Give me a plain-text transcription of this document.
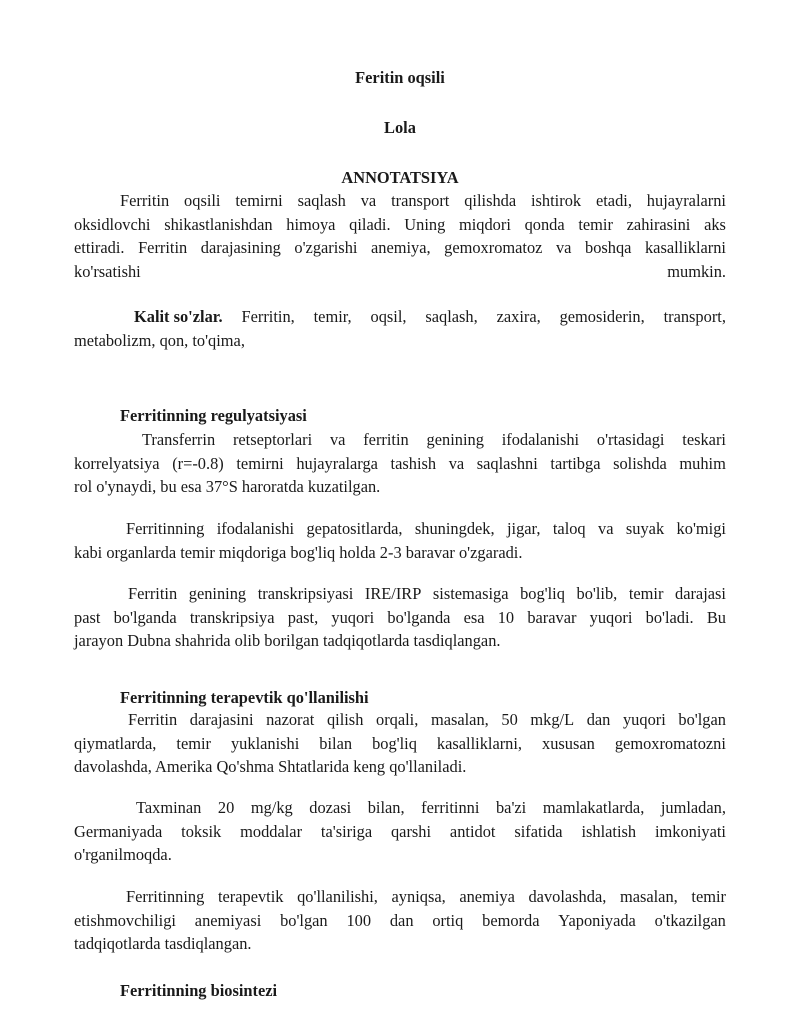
Feritin oqsili
Lola
ANNOTATSIYA
Ferritin oqsili temirni saqlash va transport qilishda ishtirok etadi, hujayralarni
oksidlovchi shikastlanishdan himoya qiladi. Uning miqdori qonda temir zahirasini aks
ettiradi. Ferritin darajasining o'zgarishi anemiya, gemoxromatoz va boshqa kasalliklarni
ko'rsatishi	mumkin.
Kalit so'zlar. Ferritin, temir, oqsil, saqlash, zaxira, gemosiderin, transport,
metabolizm, qon, to'qima,
Ferritinning regulyatsiyasi
Transferrin retseptorlari va ferritin genining ifodalanishi o'rtasidagi teskari
korrelyatsiya (r=-0.8) temirni hujayralarga tashish va saqlashni tartibga solishda muhim
rol o'ynaydi, bu esa 37°S haroratda kuzatilgan.
Ferritinning ifodalanishi gepatositlarda, shuningdek, jigar, taloq va suyak ko'migi
kabi organlarda temir miqdoriga bog'liq holda 2-3 baravar o'zgaradi.
Ferritin genining transkripsiyasi IRE/IRP sistemasiga bog'liq bo'lib, temir darajasi
past bo'lganda transkripsiya past, yuqori bo'lganda esa 10 baravar yuqori bo'ladi. Bu
jarayon Dubna shahrida olib borilgan tadqiqotlarda tasdiqlangan.
Ferritinning terapevtik qo'llanilishi
Ferritin darajasini nazorat qilish orqali, masalan, 50 mkg/L dan yuqori bo'lgan
qiymatlarda, temir yuklanishi bilan bog'liq kasalliklarni, xususan gemoxromatozni
davolashda, Amerika Qo'shma Shtatlarida keng qo'llaniladi.
Taxminan 20 mg/kg dozasi bilan, ferritinni ba'zi mamlakatlarda, jumladan,
Germaniyada toksik moddalar ta'siriga qarshi antidot sifatida ishlatish imkoniyati
o'rganilmoqda.
Ferritinning terapevtik qo'llanilishi, ayniqsa, anemiya davolashda, masalan, temir
etishmovchiligi anemiyasi bo'lgan 100 dan ortiq bemorda Yaponiyada o'tkazilgan
tadqiqotlarda tasdiqlangan.
Ferritinning biosintezi
